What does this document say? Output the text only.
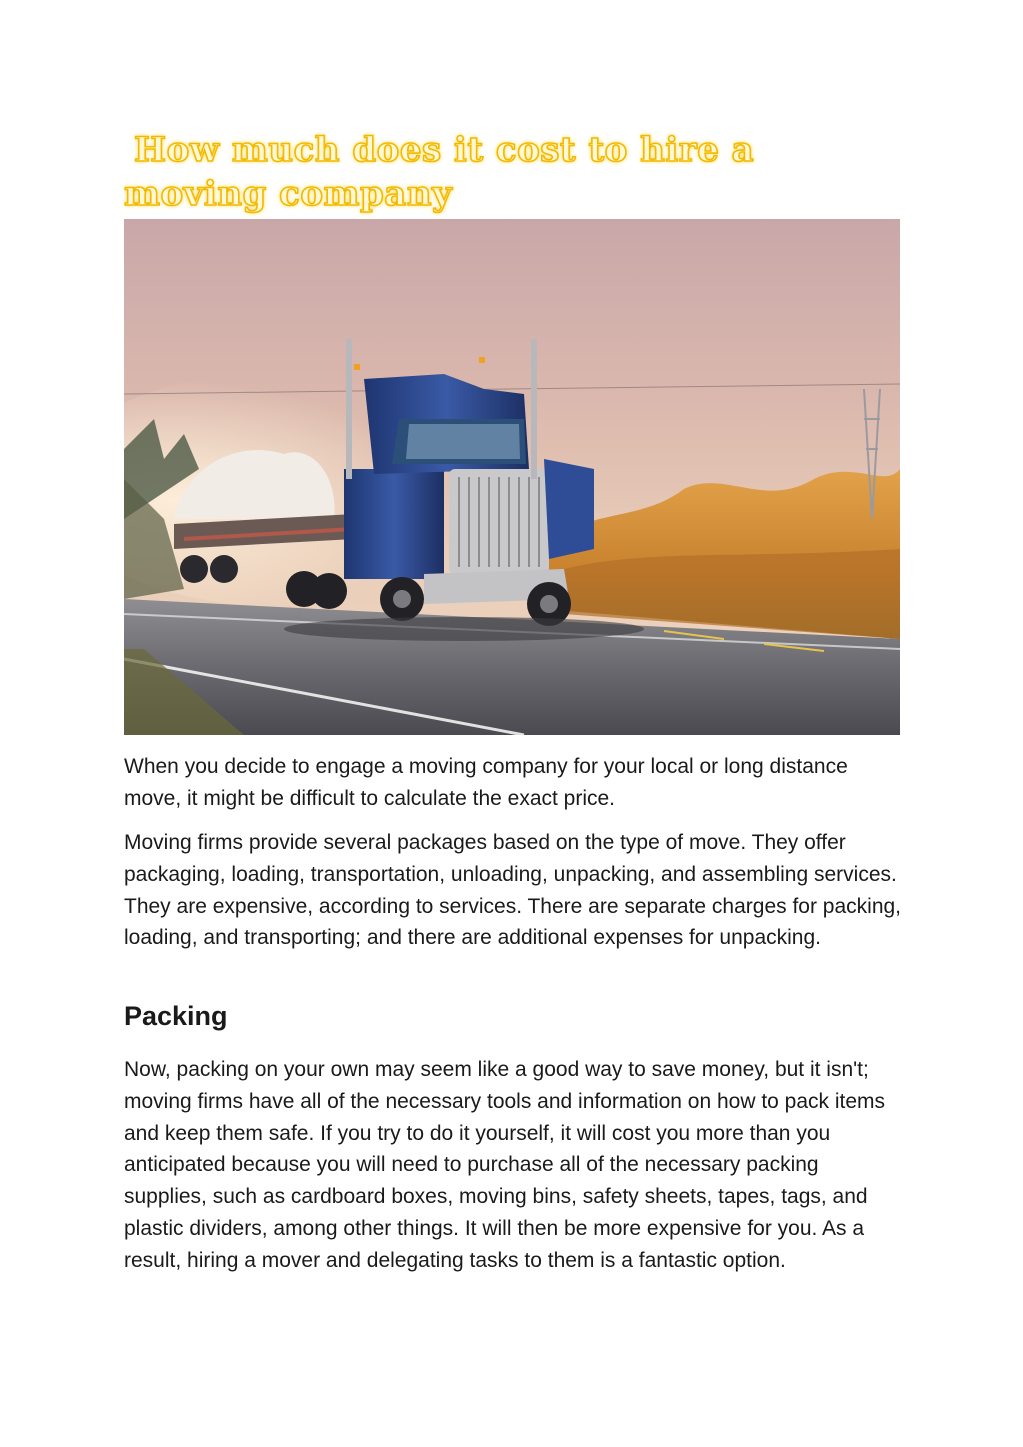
How much does it cost to hire a
moving company

When you decide to engage a moving company for your local or long distance move, it might be difficult to calculate the exact price.

Moving firms provide several packages based on the type of move. They offer packaging, loading, transportation, unloading, unpacking, and assembling services. They are expensive, according to services. There are separate charges for packing, loading, and transporting; and there are additional expenses for unpacking.

Packing

Now, packing on your own may seem like a good way to save money, but it isn't; moving firms have all of the necessary tools and information on how to pack items and keep them safe. If you try to do it yourself, it will cost you more than you anticipated because you will need to purchase all of the necessary packing supplies, such as cardboard boxes, moving bins, safety sheets, tapes, tags, and plastic dividers, among other things. It will then be more expensive for you. As a result, hiring a mover and delegating tasks to them is a fantastic option.
